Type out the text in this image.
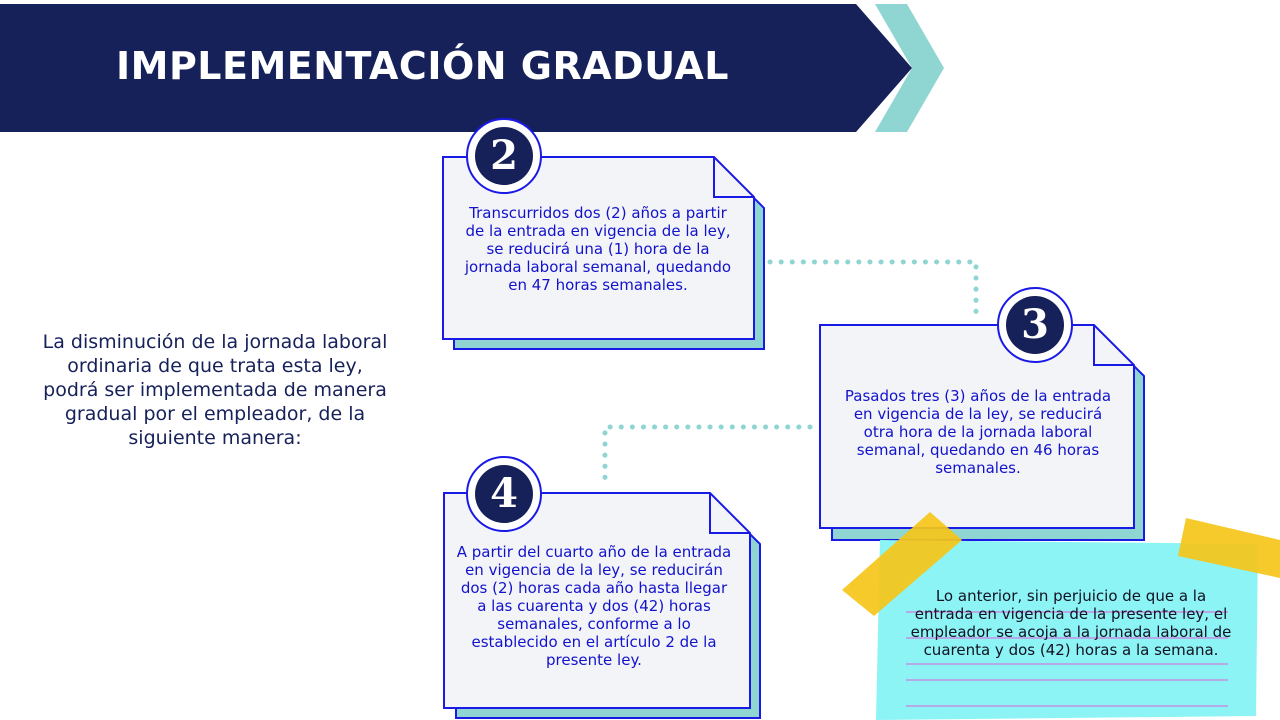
IMPLEMENTACIÓN GRADUAL
La disminución de la jornada laboral ordinaria de que trata esta ley, podrá ser implementada de manera gradual por el empleador, de la siguiente manera:
2
3
4
Transcurridos dos (2) años a partir de la entrada en vigencia de la ley, se reducirá una (1) hora de la jornada laboral semanal, quedando en 47 horas semanales.
Pasados tres (3) años de la entrada en vigencia de la ley, se reducirá otra hora de la jornada laboral semanal, quedando en 46 horas semanales.
A partir del cuarto año de la entrada en vigencia de la ley, se reducirán dos (2) horas cada año hasta llegar a las cuarenta y dos (42) horas semanales, conforme a lo establecido en el artículo 2 de la presente ley.
Lo anterior, sin perjuicio de que a la entrada en vigencia de la presente ley, el empleador se acoja a la jornada laboral de cuarenta y dos (42) horas a la semana.
